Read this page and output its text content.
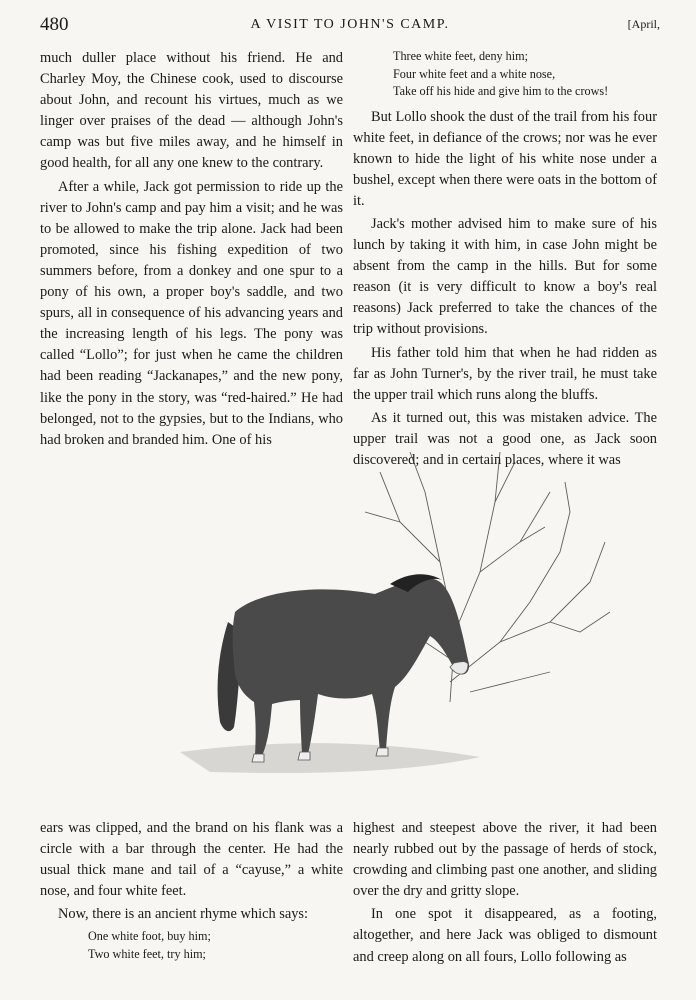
480	A VISIT TO JOHN'S CAMP.	[April,

much duller place without his friend. He and Charley Moy, the Chinese cook, used to discourse about John, and recount his virtues, much as we linger over praises of the dead — although John's camp was but five miles away, and he himself in good health, for all any one knew to the contrary.

After a while, Jack got permission to ride up the river to John's camp and pay him a visit; and he was to be allowed to make the trip alone. Jack had been promoted, since his fishing expedition of two summers before, from a donkey and one spur to a pony of his own, a proper boy's saddle, and two spurs, all in consequence of his advancing years and the increasing length of his legs. The pony was called “Lollo”; for just when he came the children had been reading “Jackanapes,” and the new pony, like the pony in the story, was “red-haired.” He had belonged, not to the gypsies, but to the Indians, who had broken and branded him. One of his

Three white feet, deny him;
Four white feet and a white nose,
Take off his hide and give him to the crows!

But Lollo shook the dust of the trail from his four white feet, in defiance of the crows; nor was he ever known to hide the light of his white nose under a bushel, except when there were oats in the bottom of it.

Jack's mother advised him to make sure of his lunch by taking it with him, in case John might be absent from the camp in the hills. But for some reason (it is very difficult to know a boy's real reasons) Jack preferred to take the chances of the trip without provisions.

His father told him that when he had ridden as far as John Turner's, by the river trail, he must take the upper trail which runs along the bluffs.

As it turned out, this was mistaken advice. The upper trail was not a good one, as Jack soon discovered; and in certain places, where it was

ears was clipped, and the brand on his flank was a circle with a bar through the center. He had the usual thick mane and tail of a “cayuse,” a white nose, and four white feet.

Now, there is an ancient rhyme which says:

One white foot, buy him;
Two white feet, try him;

highest and steepest above the river, it had been nearly rubbed out by the passage of herds of stock, crowding and climbing past one another, and sliding over the dry and gritty slope.

In one spot it disappeared, as a footing, altogether, and here Jack was obliged to dismount and creep along on all fours, Lollo following as
